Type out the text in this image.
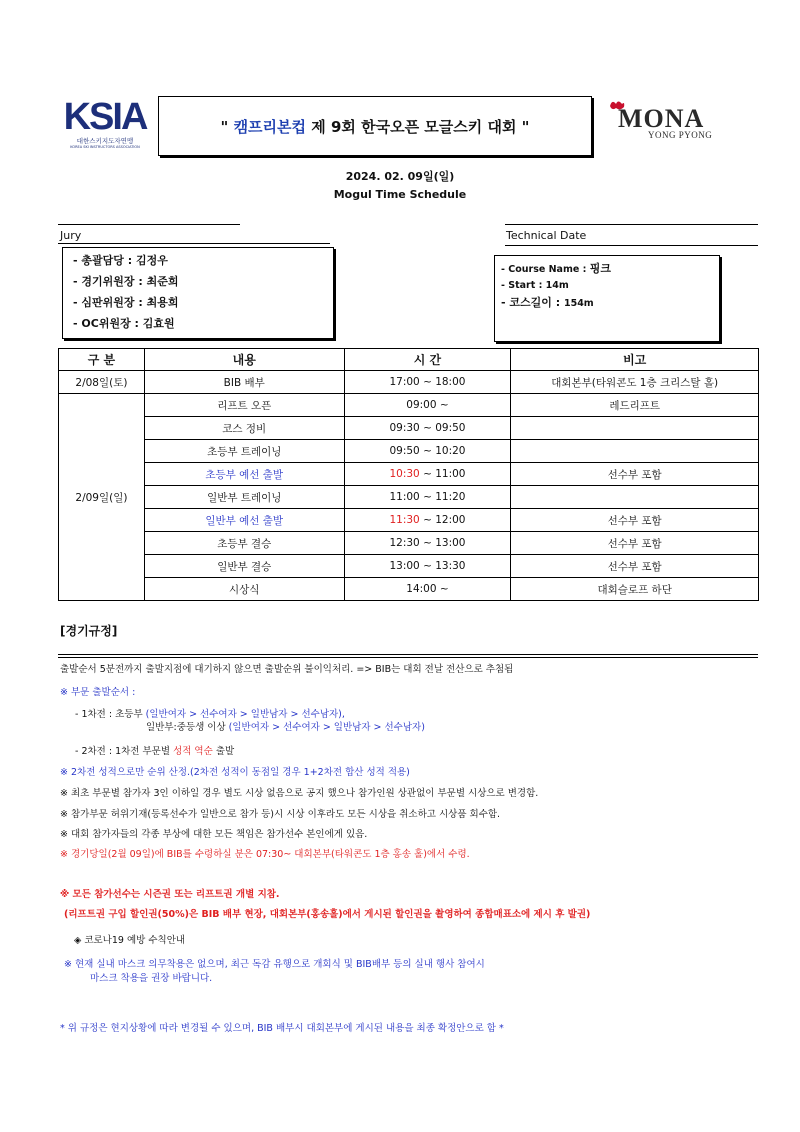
KSIA
대한스키지도자연맹
KOREA SKI INSTRUCTORS ASSOCIATION
" 캠프리본컵 제 9회 한국오픈 모글스키 대회 "	MONA
YONG PYONG
2024. 02. 09일(일)
Mogul Time Schedule
Jury	Technical Date
- 총괄담당 : 김정우
- 경기위원장 : 최준희
- 심판위원장 : 최용희
- OC위원장 : 김효원
- Course Name : 핑크
- Start : 14m
- 코스길이 : 154m
구 분	내용	시 간	비고
2/08일(토)	BIB 배부	17:00 ~ 18:00	대회본부(타워콘도 1층 크리스탈 홀)
2/09일(일)	리프트 오픈	09:00 ~	레드리프트
	코스 정비	09:30 ~ 09:50	
	초등부 트레이닝	09:50 ~ 10:20	
	초등부 예선 출발	10:30 ~ 11:00	선수부 포함
	일반부 트레이닝	11:00 ~ 11:20	
	일반부 예선 출발	11:30 ~ 12:00	선수부 포함
	초등부 결승	12:30 ~ 13:00	선수부 포함
	일반부 결승	13:00 ~ 13:30	선수부 포함
	시상식	14:00 ~	대회슬로프 하단
[경기규정]
출발순서 5분전까지 출발지점에 대기하지 않으면 출발순위 불이익처리. => BIB는 대회 전날 전산으로 추첨됨
※ 부문 출발순서 :
- 1차전 : 초등부 (일반여자 > 선수여자 > 일반남자 > 선수남자),
일반부:중등생 이상 (일반여자 > 선수여자 > 일반남자 > 선수남자)
- 2차전 : 1차전 부문별 성적 역순 출발
※ 2차전 성적으로만 순위 산정.(2차전 성적이 동점일 경우 1+2차전 합산 성적 적용)
※ 최초 부문별 참가자 3인 이하일 경우 별도 시상 없음으로 공지 했으나 참가인원 상관없이 부문별 시상으로 변경함.
※ 참가부문 허위기재(등록선수가 일반으로 참가 등)시 시상 이후라도 모든 시상을 취소하고 시상품 회수함.
※ 대회 참가자들의 각종 부상에 대한 모든 책임은 참가선수 본인에게 있음.
※ 경기당일(2월 09일)에 BIB를 수령하실 분은 07:30~ 대회본부(타워콘도 1층 홍송 홀)에서 수령.
※ 모든 참가선수는 시즌권 또는 리프트권 개별 지참.
(리프트권 구입 할인권(50%)은 BIB 배부 현장, 대회본부(홍송홀)에서 게시된 할인권을 촬영하여 종합매표소에 제시 후 발권)
◈ 코로나19 예방 수칙안내
※ 현재 실내 마스크 의무착용은 없으며, 최근 독감 유행으로 개회식 및 BIB배부 등의 실내 행사 참여시
마스크 착용을 권장 바랍니다.
* 위 규정은 현지상황에 따라 변경될 수 있으며, BIB 배부시 대회본부에 게시된 내용을 최종 확정안으로 함 *
